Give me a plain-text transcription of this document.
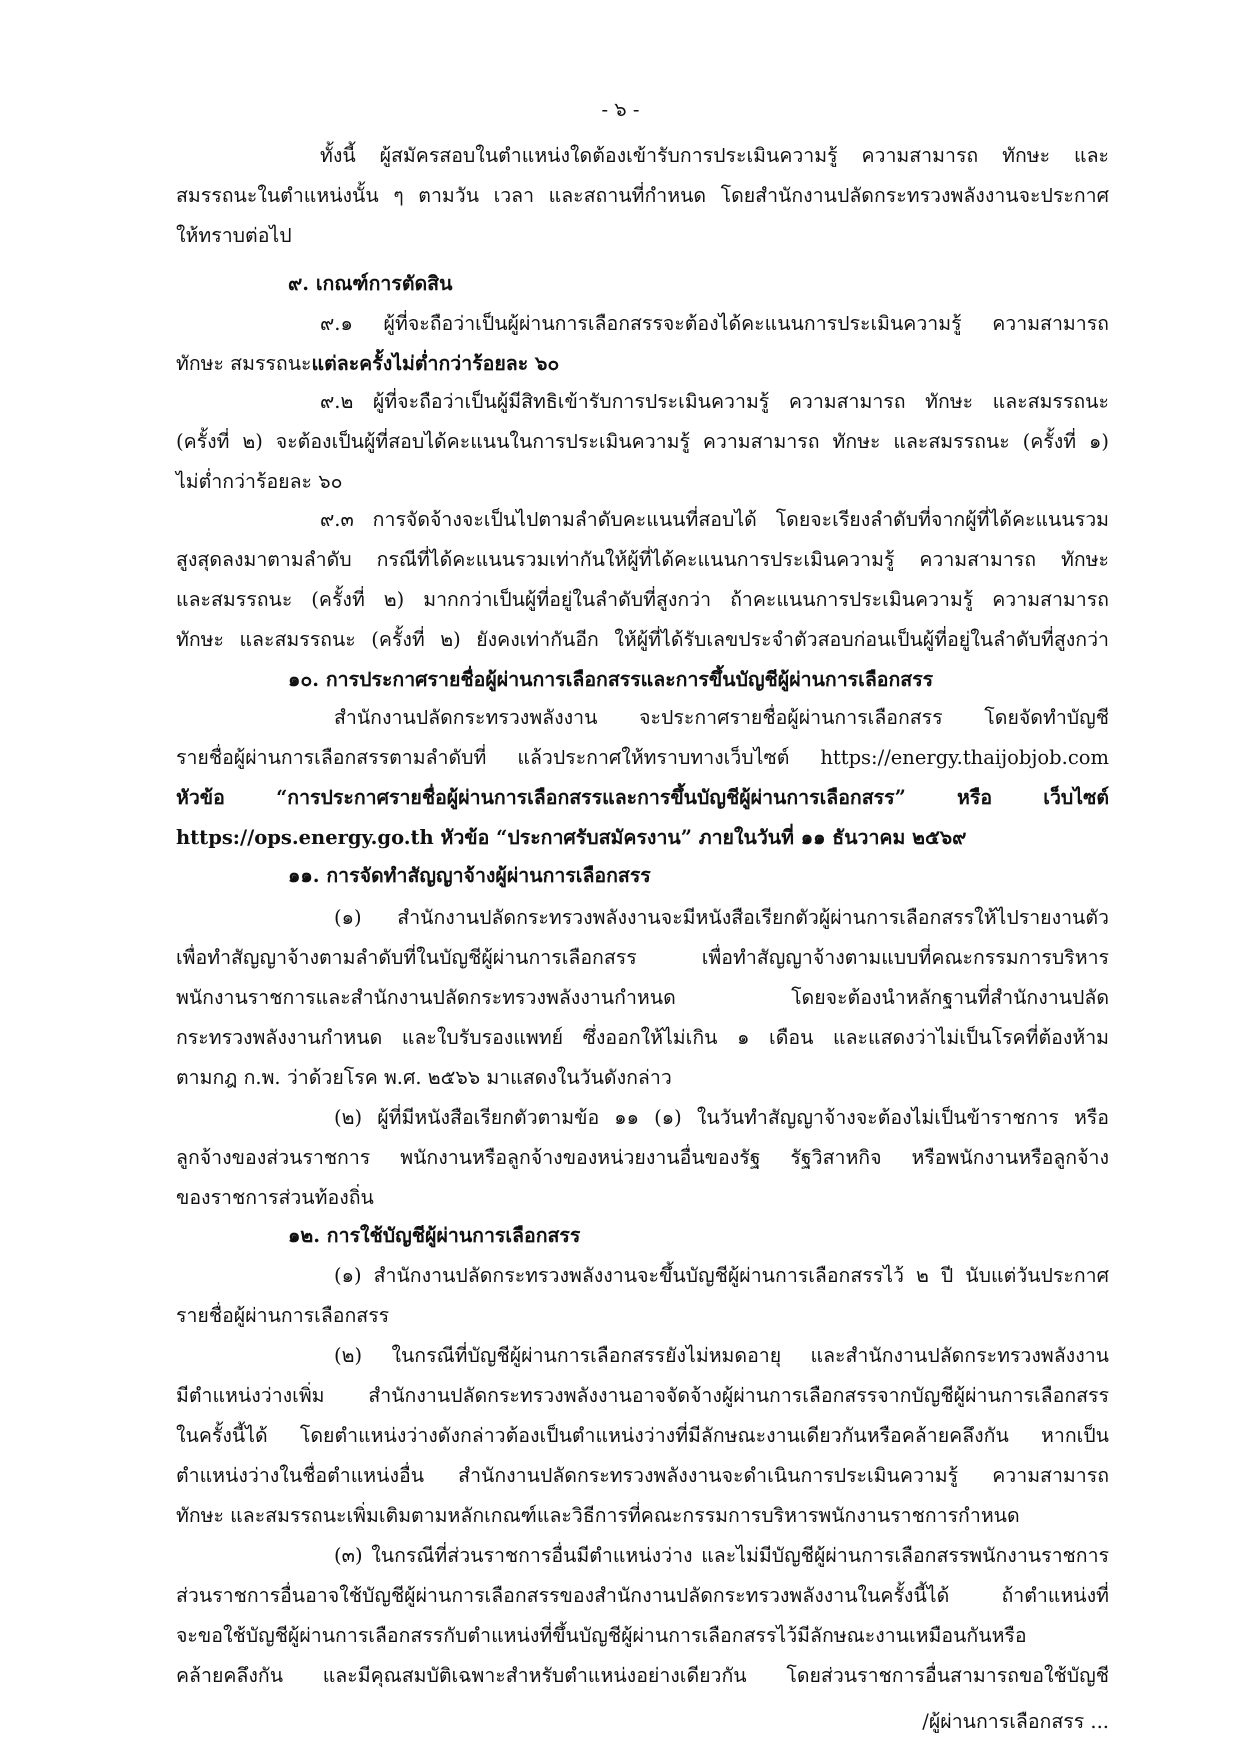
- ๖ -
ทั้งนี้ ผู้สมัครสอบในตำแหน่งใดต้องเข้ารับการประเมินความรู้ ความสามารถ ทักษะ และ
สมรรถนะในตำแหน่งนั้น ๆ ตามวัน เวลา และสถานที่กำหนด โดยสำนักงานปลัดกระทรวงพลังงานจะประกาศ
ให้ทราบต่อไป
๙. เกณฑ์การตัดสิน
๙.๑ ผู้ที่จะถือว่าเป็นผู้ผ่านการเลือกสรรจะต้องได้คะแนนการประเมินความรู้ ความสามารถ
ทักษะ สมรรถนะแต่ละครั้งไม่ต่ำกว่าร้อยละ ๖๐
๙.๒ ผู้ที่จะถือว่าเป็นผู้มีสิทธิเข้ารับการประเมินความรู้ ความสามารถ ทักษะ และสมรรถนะ
(ครั้งที่ ๒) จะต้องเป็นผู้ที่สอบได้คะแนนในการประเมินความรู้ ความสามารถ ทักษะ และสมรรถนะ (ครั้งที่ ๑)
ไม่ต่ำกว่าร้อยละ ๖๐
๙.๓ การจัดจ้างจะเป็นไปตามลำดับคะแนนที่สอบได้ โดยจะเรียงลำดับที่จากผู้ที่ได้คะแนนรวม
สูงสุดลงมาตามลำดับ กรณีที่ได้คะแนนรวมเท่ากันให้ผู้ที่ได้คะแนนการประเมินความรู้ ความสามารถ ทักษะ
และสมรรถนะ (ครั้งที่ ๒) มากกว่าเป็นผู้ที่อยู่ในลำดับที่สูงกว่า ถ้าคะแนนการประเมินความรู้ ความสามารถ
ทักษะ และสมรรถนะ (ครั้งที่ ๒) ยังคงเท่ากันอีก ให้ผู้ที่ได้รับเลขประจำตัวสอบก่อนเป็นผู้ที่อยู่ในลำดับที่สูงกว่า
๑๐. การประกาศรายชื่อผู้ผ่านการเลือกสรรและการขึ้นบัญชีผู้ผ่านการเลือกสรร
สำนักงานปลัดกระทรวงพลังงาน จะประกาศรายชื่อผู้ผ่านการเลือกสรร โดยจัดทำบัญชี
รายชื่อผู้ผ่านการเลือกสรรตามลำดับที่ แล้วประกาศให้ทราบทางเว็บไซต์ https://energy.thaijobjob.com
หัวข้อ “การประกาศรายชื่อผู้ผ่านการเลือกสรรและการขึ้นบัญชีผู้ผ่านการเลือกสรร” หรือ เว็บไซต์
https://ops.energy.go.th หัวข้อ “ประกาศรับสมัครงาน” ภายในวันที่ ๑๑ ธันวาคม ๒๕๖๙
๑๑. การจัดทำสัญญาจ้างผู้ผ่านการเลือกสรร
(๑) สำนักงานปลัดกระทรวงพลังงานจะมีหนังสือเรียกตัวผู้ผ่านการเลือกสรรให้ไปรายงานตัว
เพื่อทำสัญญาจ้างตามลำดับที่ในบัญชีผู้ผ่านการเลือกสรร เพื่อทำสัญญาจ้างตามแบบที่คณะกรรมการบริหาร
พนักงานราชการและสำนักงานปลัดกระทรวงพลังงานกำหนด โดยจะต้องนำหลักฐานที่สำนักงานปลัด
กระทรวงพลังงานกำหนด และใบรับรองแพทย์ ซึ่งออกให้ไม่เกิน ๑ เดือน และแสดงว่าไม่เป็นโรคที่ต้องห้าม
ตามกฎ ก.พ. ว่าด้วยโรค พ.ศ. ๒๕๖๖ มาแสดงในวันดังกล่าว
(๒) ผู้ที่มีหนังสือเรียกตัวตามข้อ ๑๑ (๑) ในวันทำสัญญาจ้างจะต้องไม่เป็นข้าราชการ หรือ
ลูกจ้างของส่วนราชการ พนักงานหรือลูกจ้างของหน่วยงานอื่นของรัฐ รัฐวิสาหกิจ หรือพนักงานหรือลูกจ้าง
ของราชการส่วนท้องถิ่น
๑๒. การใช้บัญชีผู้ผ่านการเลือกสรร
(๑) สำนักงานปลัดกระทรวงพลังงานจะขึ้นบัญชีผู้ผ่านการเลือกสรรไว้ ๒ ปี นับแต่วันประกาศ
รายชื่อผู้ผ่านการเลือกสรร
(๒) ในกรณีที่บัญชีผู้ผ่านการเลือกสรรยังไม่หมดอายุ และสำนักงานปลัดกระทรวงพลังงาน
มีตำแหน่งว่างเพิ่ม สำนักงานปลัดกระทรวงพลังงานอาจจัดจ้างผู้ผ่านการเลือกสรรจากบัญชีผู้ผ่านการเลือกสรร
ในครั้งนี้ได้ โดยตำแหน่งว่างดังกล่าวต้องเป็นตำแหน่งว่างที่มีลักษณะงานเดียวกันหรือคล้ายคลึงกัน หากเป็น
ตำแหน่งว่างในชื่อตำแหน่งอื่น สำนักงานปลัดกระทรวงพลังงานจะดำเนินการประเมินความรู้ ความสามารถ
ทักษะ และสมรรถนะเพิ่มเติมตามหลักเกณฑ์และวิธีการที่คณะกรรมการบริหารพนักงานราชการกำหนด
(๓) ในกรณีที่ส่วนราชการอื่นมีตำแหน่งว่าง และไม่มีบัญชีผู้ผ่านการเลือกสรรพนักงานราชการ
ส่วนราชการอื่นอาจใช้บัญชีผู้ผ่านการเลือกสรรของสำนักงานปลัดกระทรวงพลังงานในครั้งนี้ได้ ถ้าตำแหน่งที่
จะขอใช้บัญชีผู้ผ่านการเลือกสรรกับตำแหน่งที่ขึ้นบัญชีผู้ผ่านการเลือกสรรไว้มีลักษณะงานเหมือนกันหรือ
คล้ายคลึงกัน และมีคุณสมบัติเฉพาะสำหรับตำแหน่งอย่างเดียวกัน โดยส่วนราชการอื่นสามารถขอใช้บัญชี
/ผู้ผ่านการเลือกสรร ...
